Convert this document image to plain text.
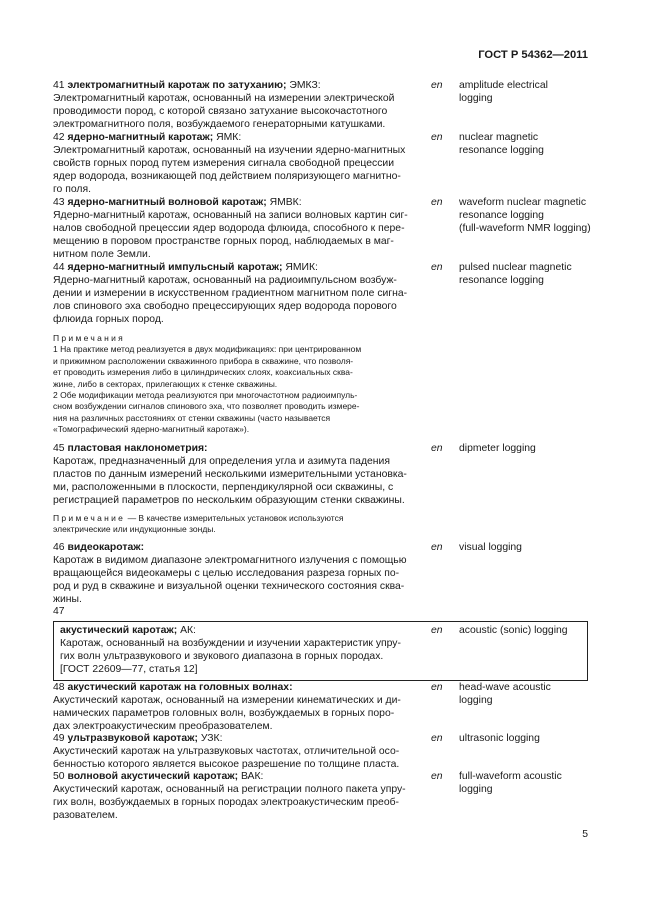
ГОСТ Р 54362—2011
41 электромагнитный каротаж по затуханию; ЭМКЗ:
Электромагнитный каротаж, основанный на измерении электрической
проводимости пород, с которой связано затухание высокочастотного
электромагнитного поля, возбуждаемого генераторными катушками.
en amplitude electrical
logging
42 ядерно-магнитный каротаж; ЯМК:
Электромагнитный каротаж, основанный на изучении ядерно-магнитных
свойств горных пород путем измерения сигнала свободной прецессии
ядер водорода, возникающей под действием поляризующего магнитно-
го поля.
en nuclear magnetic
resonance logging
43 ядерно-магнитный волновой каротаж; ЯМВК:
Ядерно-магнитный каротаж, основанный на записи волновых картин сиг-
налов свободной прецессии ядер водорода флюида, способного к пере-
мещению в поровом пространстве горных пород, наблюдаемых в маг-
нитном поле Земли.
en waveform nuclear magnetic
resonance logging
(full-waveform NMR logging)
44 ядерно-магнитный импульсный каротаж; ЯМИК:
Ядерно-магнитный каротаж, основанный на радиоимпульсном возбуж-
дении и измерении в искусственном градиентном магнитном поле сигна-
лов спинового эха свободно прецессирующих ядер водорода порового
флюида горных пород.
en pulsed nuclear magnetic
resonance logging
Примечания
1 На практике метод реализуется в двух модификациях: при центрированном
и прижимном расположении скважинного прибора в скважине, что позволя-
ет проводить измерения либо в цилиндрических слоях, коаксиальных сква-
жине, либо в секторах, прилегающих к стенке скважины.
2 Обе модификации метода реализуются при многочастотном радиоимпуль-
сном возбуждении сигналов спинового эха, что позволяет проводить измере-
ния на различных расстояниях от стенки скважины (часто называется
«Томографический ядерно-магнитный каротаж»).
45 пластовая наклонометрия:
Каротаж, предназначенный для определения угла и азимута падения
пластов по данным измерений несколькими измерительными установка-
ми, расположенными в плоскости, перпендикулярной оси скважины, с
регистрацией параметров по нескольким образующим стенки скважины.
en dipmeter logging
Примечание — В качестве измерительных установок используются
электрические или индукционные зонды.
46 видеокаротаж:
Каротаж в видимом диапазоне электромагнитного излучения с помощью
вращающейся видеокамеры с целью исследования разреза горных по-
род и руд в скважине и визуальной оценки технического состояния сква-
жины.
en visual logging
47
акустический каротаж; АК:
Каротаж, основанный на возбуждении и изучении характеристик упру-
гих волн ультразвукового и звукового диапазона в горных породах.
[ГОСТ 22609—77, статья 12]
en acoustic (sonic) logging
48 акустический каротаж на головных волнах:
Акустический каротаж, основанный на измерении кинематических и ди-
намических параметров головных волн, возбуждаемых в горных поро-
дах электроакустическим преобразователем.
en head-wave acoustic
logging
49 ультразвуковой каротаж; УЗК:
Акустический каротаж на ультразвуковых частотах, отличительной осо-
бенностью которого является высокое разрешение по толщине пласта.
en ultrasonic logging
50 волновой акустический каротаж; ВАК:
Акустический каротаж, основанный на регистрации полного пакета упру-
гих волн, возбуждаемых в горных породах электроакустическим преоб-
разователем.
en full-waveform acoustic
logging
5
